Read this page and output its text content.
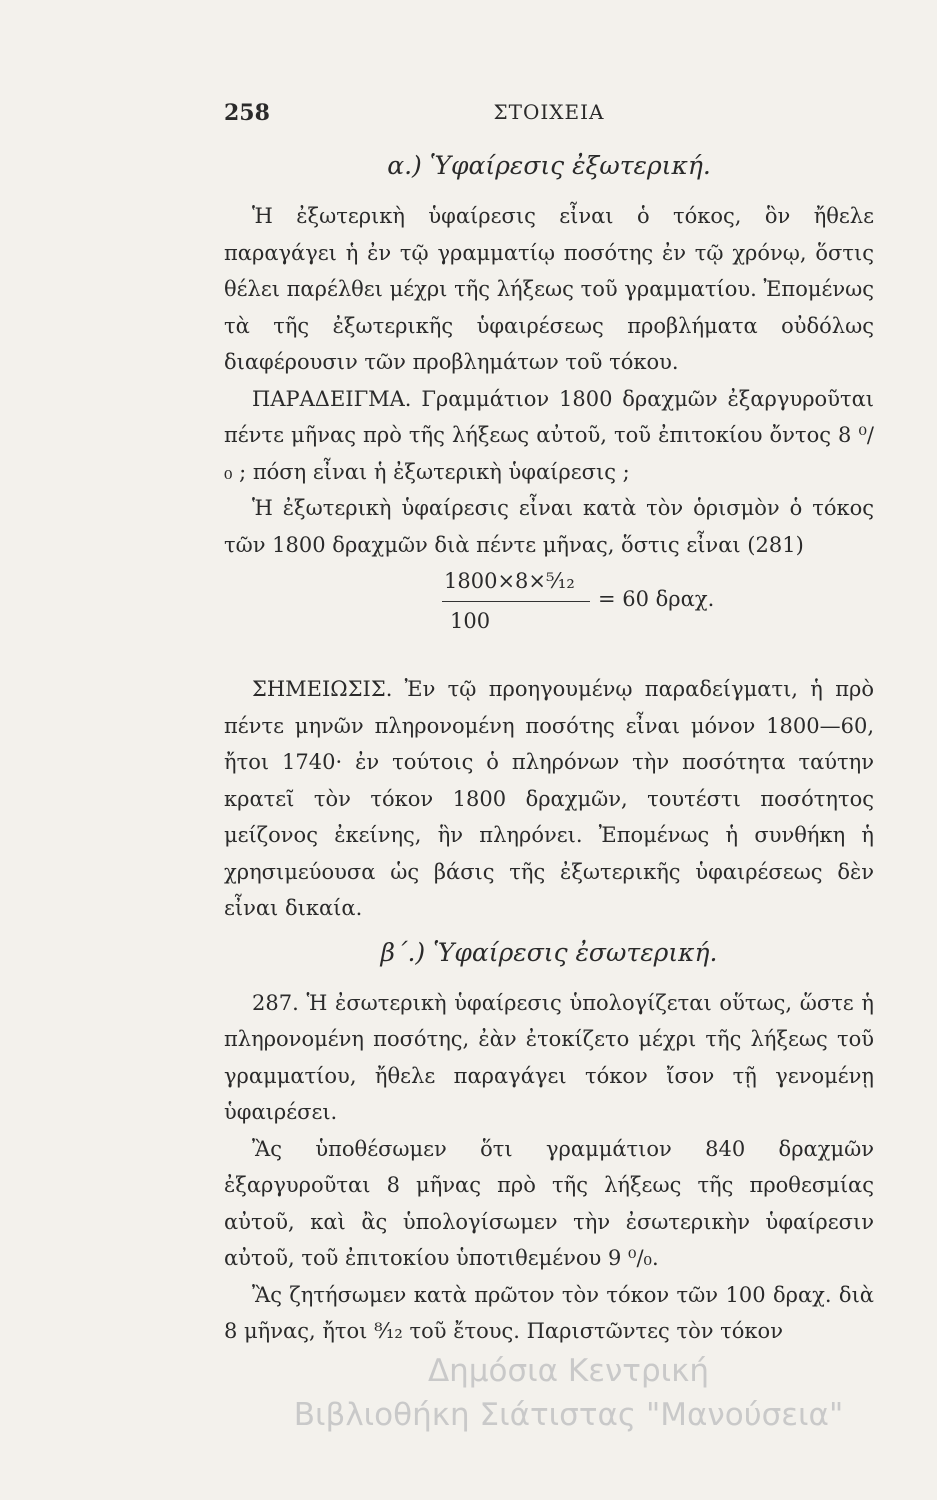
ΣΤΟΙΧΕΙΑ
258
α.) Ὑφαίρεσις ἐξωτερική.

Ἡ ἐξωτερικὴ ὑφαίρεσις εἶναι ὁ τόκος, ὃν ἤθελε παραγάγει ἡ ἐν τῷ γραμματίῳ ποσότης ἐν τῷ χρόνῳ, ὅστις θέλει παρέλθει μέχρι τῆς λήξεως τοῦ γραμματίου. Ἐπομένως τὰ τῆς ἐξωτερικῆς ὑφαιρέσεως προβλήματα οὐδόλως διαφέρουσιν τῶν προβλημάτων τοῦ τόκου.

ΠΑΡΑΔΕΙΓΜΑ. Γραμμάτιον 1800 δραχμῶν ἐξαργυροῦται πέντε μῆνας πρὸ τῆς λήξεως αὐτοῦ, τοῦ ἐπιτοκίου ὄντος 8 ⁰/₀ ; πόση εἶναι ἡ ἐξωτερικὴ ὑφαίρεσις ;

Ἡ ἐξωτερικὴ ὑφαίρεσις εἶναι κατὰ τὸν ὁρισμὸν ὁ τόκος τῶν 1800 δραχμῶν διὰ πέντε μῆνας, ὅστις εἶναι (281)

1800×8×⁵⁄₁₂
100
= 60 δραχ.

ΣΗΜΕΙΩΣΙΣ. Ἐν τῷ προηγουμένῳ παραδείγματι, ἡ πρὸ πέντε μηνῶν πληρονομένη ποσότης εἶναι μόνον 1800—60, ἤτοι 1740· ἐν τούτοις ὁ πληρόνων τὴν ποσότητα ταύτην κρατεῖ τὸν τόκον 1800 δραχμῶν, τουτέστι ποσότητος μείζονος ἐκείνης, ἣν πληρόνει. Ἐπομένως ἡ συνθήκη ἡ χρησιμεύουσα ὡς βάσις τῆς ἐξωτερικῆς ὑφαιρέσεως δὲν εἶναι δικαία.

β΄.) Ὑφαίρεσις ἐσωτερική.

287. Ἡ ἐσωτερικὴ ὑφαίρεσις ὑπολογίζεται οὕτως, ὥστε ἡ πληρονομένη ποσότης, ἐὰν ἐτοκίζετο μέχρι τῆς λήξεως τοῦ γραμματίου, ἤθελε παραγάγει τόκον ἴσον τῇ γενομένῃ ὑφαιρέσει.

Ἂς ὑποθέσωμεν ὅτι γραμμάτιον 840 δραχμῶν ἐξαργυροῦται 8 μῆνας πρὸ τῆς λήξεως τῆς προθεσμίας αὐτοῦ, καὶ ἂς ὑπολογίσωμεν τὴν ἐσωτερικὴν ὑφαίρεσιν αὐτοῦ, τοῦ ἐπιτοκίου ὑποτιθεμένου 9 ⁰/₀.

Ἂς ζητήσωμεν κατὰ πρῶτον τὸν τόκον τῶν 100 δραχ. διὰ 8 μῆνας, ἤτοι ⁸⁄₁₂ τοῦ ἔτους. Παριστῶντες τὸν τόκον

Δημόσια Κεντρική
Βιβλιοθήκη Σιάτιστας "Μανούσεια"
